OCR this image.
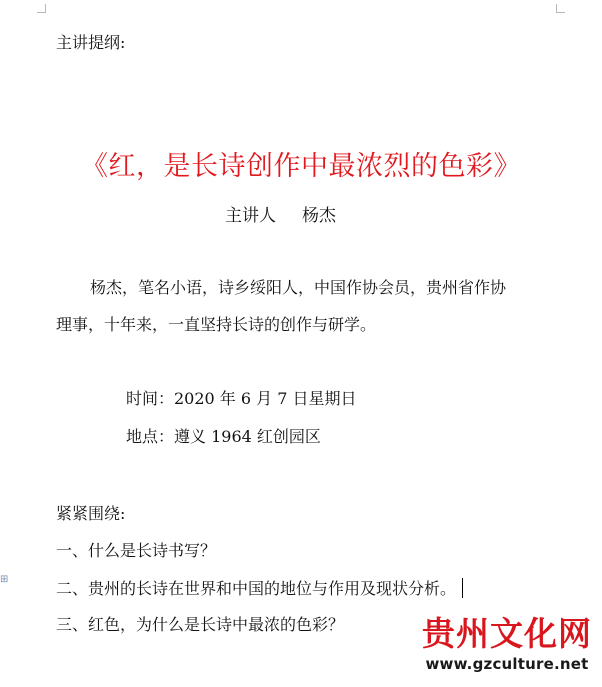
主讲提纲:
《红，是长诗创作中最浓烈的色彩》
主讲人 杨杰
杨杰，笔名小语，诗乡绥阳人，中国作协会员，贵州省作协
理事，十年来，一直坚持长诗的创作与研学。
时间：2020 年 6 月 7 日星期日
地点：遵义 1964 红创园区
紧紧围绕:
一、什么是长诗书写？
二、贵州的长诗在世界和中国的地位与作用及现状分析。
三、红色，为什么是长诗中最浓的色彩？
⊞
贵州文化网
www.gzculture.net
